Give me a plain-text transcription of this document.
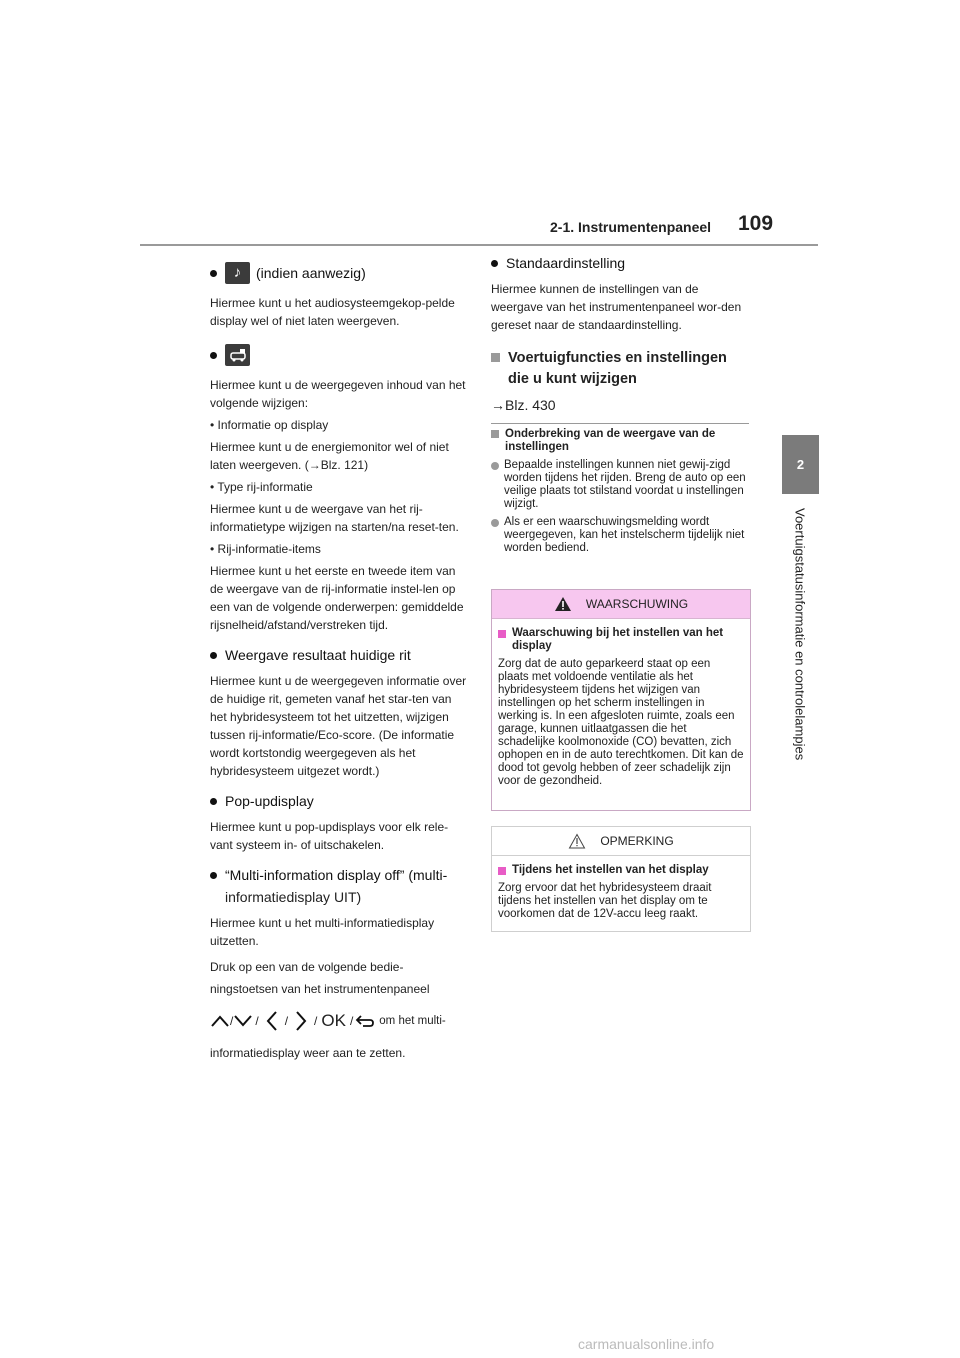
2-1. Instrumentenpaneel 109
2
Voertuigstatusinformatie en controlelampjes
♪	(indien aanwezig)

Hiermee kunt u het audiosysteemgekop-pelde display wel of niet laten weergeven.

Hiermee kunt u de weergegeven inhoud van het volgende wijzigen:

• Informatie op display

Hiermee kunt u de energiemonitor wel of niet laten weergeven. (→Blz. 121)

• Type rij-informatie

Hiermee kunt u de weergave van het rij-informatietype wijzigen na starten/na reset-ten.

• Rij-informatie-items

Hiermee kunt u het eerste en tweede item van de weergave van de rij-informatie instel-len op een van de volgende onderwerpen: gemiddelde rijsnelheid/afstand/verstreken tijd.

Weergave resultaat huidige rit

Hiermee kunt u de weergegeven informatie over de huidige rit, gemeten vanaf het star-ten van het hybridesysteem tot het uitzetten, wijzigen tussen rij-informatie/Eco-score. (De informatie wordt kortstondig weergegeven als het hybridesysteem uitgezet wordt.)

Pop-updisplay

Hiermee kunt u pop-updisplays voor elk rele-vant systeem in- of uitschakelen.

“Multi-information display off” (multi-
informatiedisplay UIT)

Hiermee kunt u het multi-informatiedisplay uitzetten.

Druk op een van de volgende bedie-

ningstoetsen van het instrumentenpaneel

/ / / / OK / om het multi-

informatiedisplay weer aan te zetten.

Standaardinstelling

Hiermee kunnen de instellingen van de weergave van het instrumentenpaneel wor-den gereset naar de standaardinstelling.

Voertuigfuncties en instellingen
die u kunt wijzigen

→Blz. 430

Onderbreking van de weergave van de instellingen
Bepaalde instellingen kunnen niet gewij-zigd worden tijdens het rijden. Breng de auto op een veilige plaats tot stilstand voordat u instellingen wijzigt.
Als er een waarschuwingsmelding wordt weergegeven, kan het instelscherm tijdelijk niet worden bediend.
WAARSCHUWING
Waarschuwing bij het instellen van het display

Zorg dat de auto geparkeerd staat op een plaats met voldoende ventilatie als het hybridesysteem tijdens het wijzigen van instellingen op het scherm instellingen in werking is. In een afgesloten ruimte, zoals een garage, kunnen uitlaatgassen die het schadelijke koolmonoxide (CO) bevatten, zich ophopen en in de auto terechtkomen. Dit kan de dood tot gevolg hebben of zeer schadelijk zijn voor de gezondheid.

OPMERKING
Tijdens het instellen van het display

Zorg ervoor dat het hybridesysteem draait tijdens het instellen van het display om te voorkomen dat de 12V-accu leeg raakt.

carmanualsonline.info
